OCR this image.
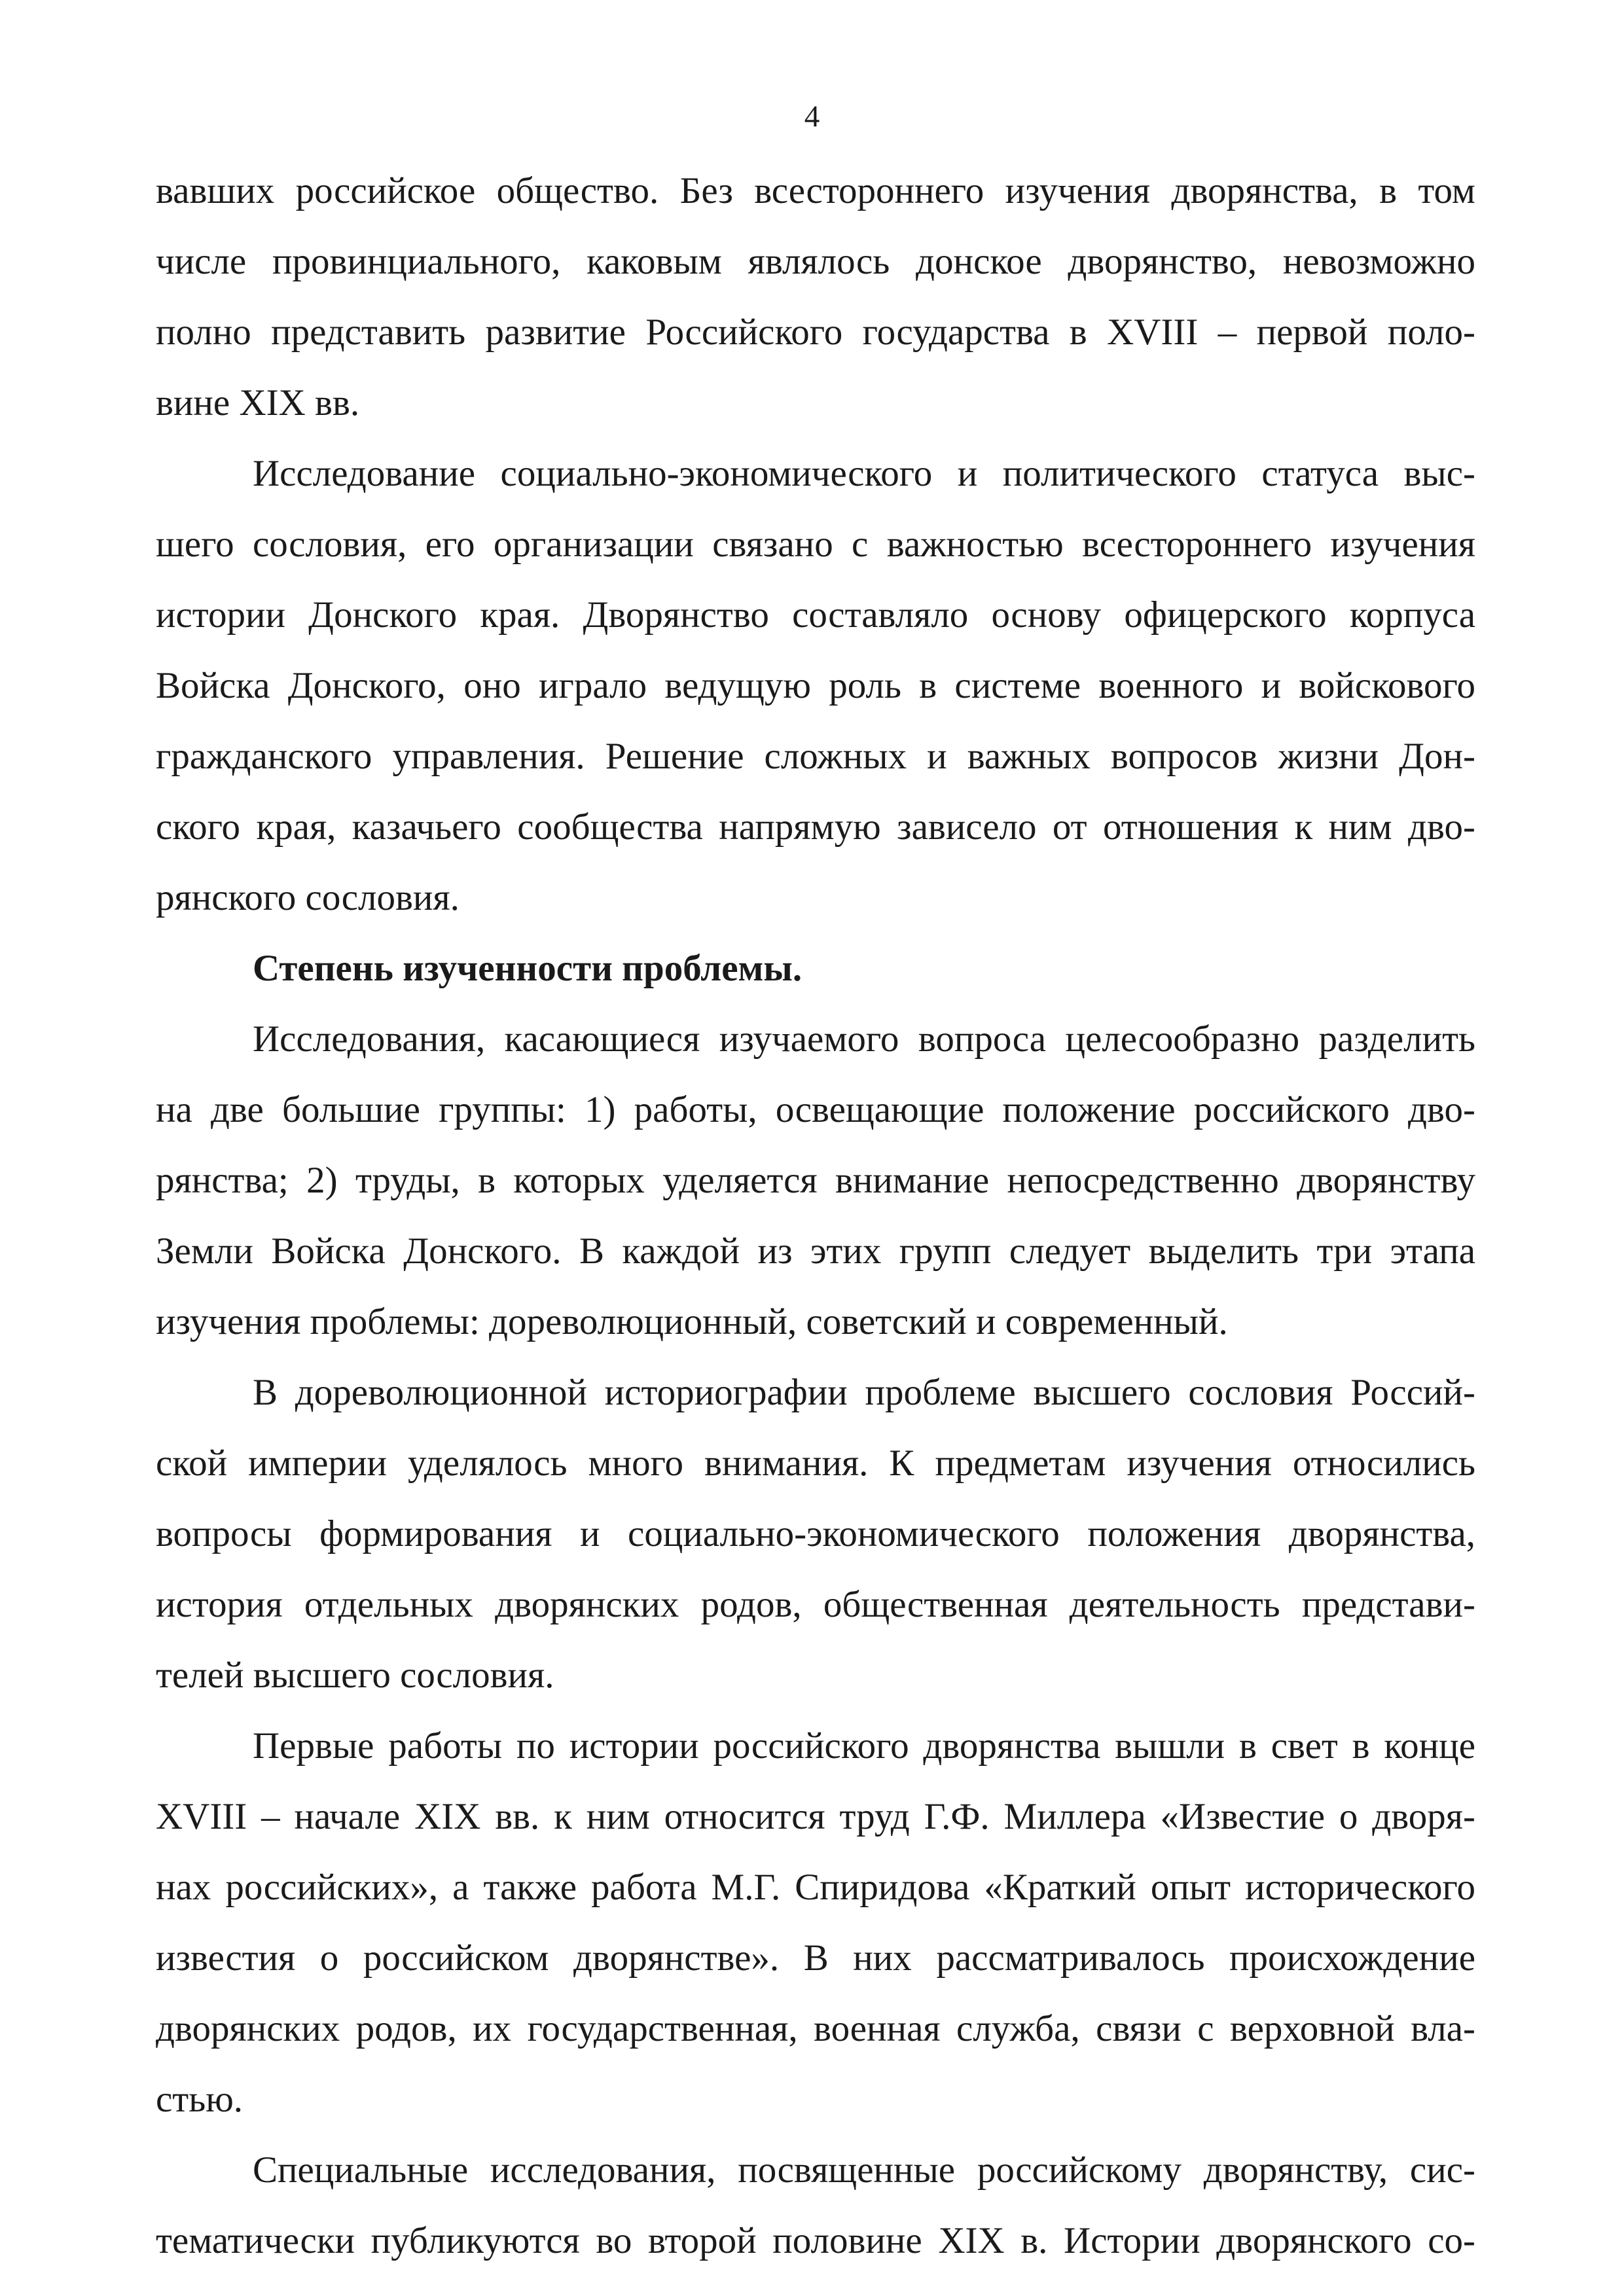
4
вавших российское общество. Без всестороннего изучения дворянства, в том
числе провинциального, каковым являлось донское дворянство, невозможно
полно представить развитие Российского государства в XVIII – первой поло-
вине XIX вв.
Исследование социально-экономического и политического статуса выс-
шего сословия, его организации связано с важностью всестороннего изучения
истории Донского края. Дворянство составляло основу офицерского корпуса
Войска Донского, оно играло ведущую роль в системе военного и войскового
гражданского управления. Решение сложных и важных вопросов жизни Дон-
ского края, казачьего сообщества напрямую зависело от отношения к ним дво-
рянского сословия.
Степень изученности проблемы.
Исследования, касающиеся изучаемого вопроса целесообразно разделить
на две большие группы: 1) работы, освещающие положение российского дво-
рянства; 2) труды, в которых уделяется внимание непосредственно дворянству
Земли Войска Донского. В каждой из этих групп следует выделить три этапа
изучения проблемы: дореволюционный, советский и современный.
В дореволюционной историографии проблеме высшего сословия Россий-
ской империи уделялось много внимания. К предметам изучения относились
вопросы формирования и социально-экономического положения дворянства,
история отдельных дворянских родов, общественная деятельность представи-
телей высшего сословия.
Первые работы по истории российского дворянства вышли в свет в конце
XVIII – начале XIX вв. к ним относится труд Г.Ф. Миллера «Известие о дворя-
нах российских», а также работа М.Г. Спиридова «Краткий опыт исторического
известия о российском дворянстве». В них рассматривалось происхождение
дворянских родов, их государственная, военная служба, связи с верховной вла-
стью.
Специальные исследования, посвященные российскому дворянству, сис-
тематически публикуются во второй половине XIX в. Истории дворянского со-
